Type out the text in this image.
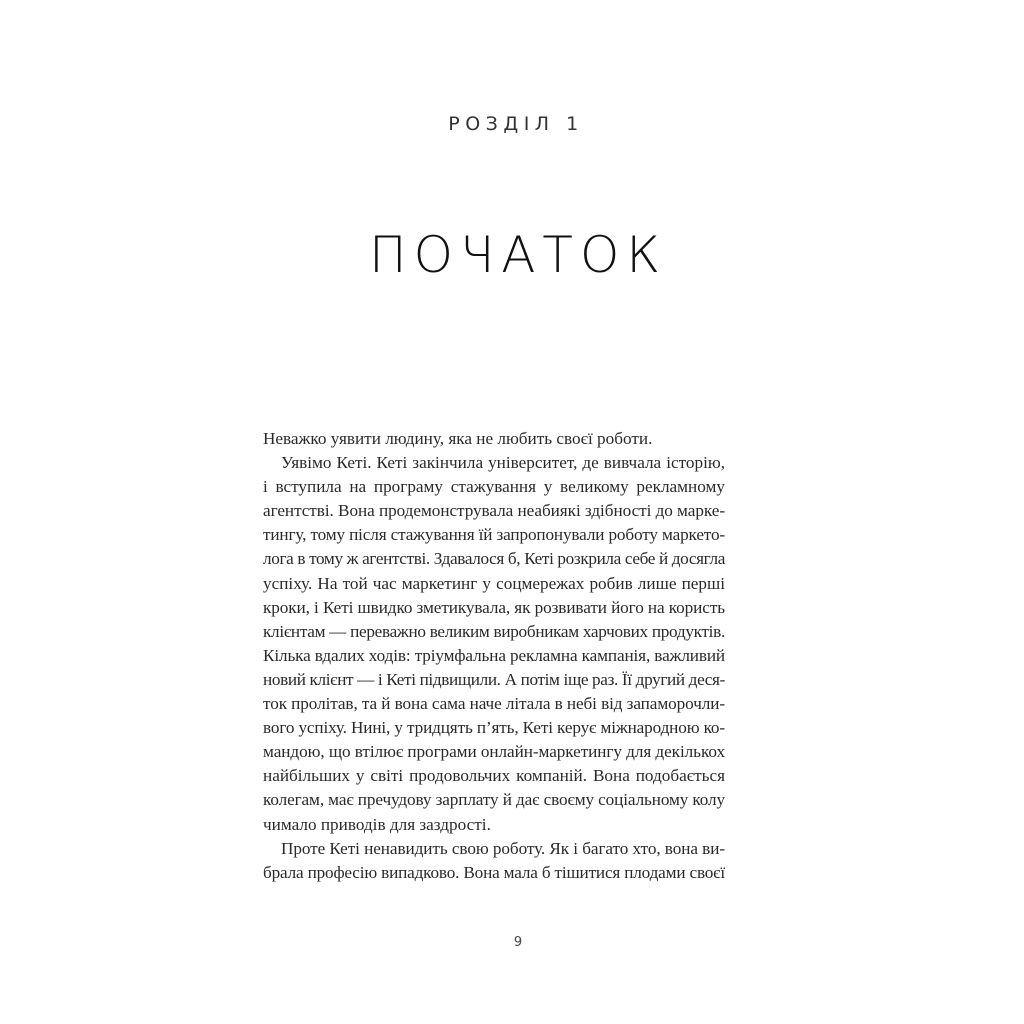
РОЗДІЛ 1
ПОЧАТОК
Неважко уявити людину, яка не любить своєї роботи.
Уявімо Кеті. Кеті закінчила університет, де вивчала історію,
і вступила на програму стажування у великому рекламному
агентстві. Вона продемонструвала неабиякі здібності до марке-
тингу, тому після стажування їй запропонували роботу маркето-
лога в тому ж агентстві. Здавалося б, Кеті розкрила себе й досягла
успіху. На той час маркетинг у соцмережах робив лише перші
кроки, і Кеті швидко зметикувала, як розвивати його на користь
клієнтам — переважно великим виробникам харчових продуктів.
Кілька вдалих ходів: тріумфальна рекламна кампанія, важливий
новий клієнт — і Кеті підвищили. А потім іще раз. Її другий деся-
ток пролітав, та й вона сама наче літала в небі від запаморочли-
вого успіху. Нині, у тридцять п’ять, Кеті керує міжнародною ко-
мандою, що втілює програми онлайн-маркетингу для декількох
найбільших у світі продовольчих компаній. Вона подобається
колегам, має пречудову зарплату й дає своєму соціальному колу
чимало приводів для заздрості.
Проте Кеті ненавидить свою роботу. Як і багато хто, вона ви-
брала професію випадково. Вона мала б тішитися плодами своєї
9
